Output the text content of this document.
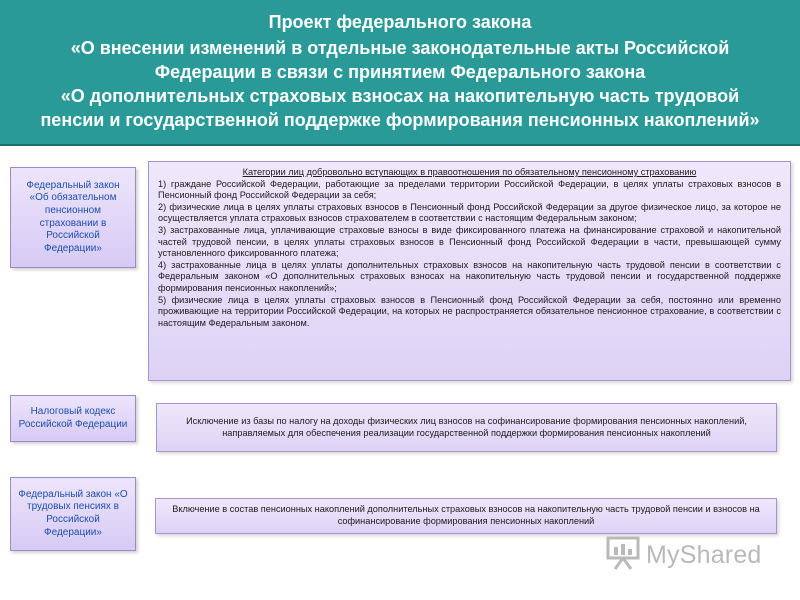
Проект федерального закона
«О внесении изменений в отдельные законодательные акты Российской
Федерации в связи с принятием Федерального закона
«О дополнительных страховых взносах на накопительную часть трудовой
пенсии и государственной поддержке формирования пенсионных накоплений»
Федеральный закон «Об обязательном пенсионном страховании в Российской Федерации»
Категории лиц добровольно вступающих в правоотношения по обязательному пенсионному страхованию
1) граждане Российской Федерации, работающие за пределами территории Российской Федерации, в целях уплаты страховых взносов в Пенсионный фонд Российской Федерации за себя;
2) физические лица в целях уплаты страховых взносов в Пенсионный фонд Российской Федерации за другое физическое лицо, за которое не осуществляется уплата страховых взносов страхователем в соответствии с настоящим Федеральным законом;
3) застрахованные лица, уплачивающие страховые взносы в виде фиксированного платежа на финансирование страховой и накопительной частей трудовой пенсии, в целях уплаты страховых взносов в Пенсионный фонд Российской Федерации в части, превышающей сумму установленного фиксированного платежа;
4) застрахованные лица в целях уплаты дополнительных страховых взносов на накопительную часть трудовой пенсии в соответствии с Федеральным законом «О дополнительных страховых взносах на накопительную часть трудовой пенсии и государственной поддержке формирования пенсионных накоплений»;
5) физические лица в целях уплаты страховых взносов в Пенсионный фонд Российской Федерации за себя, постоянно или временно проживающие на территории Российской Федерации, на которых не распространяется обязательное пенсионное страхование, в соответствии с настоящим Федеральным законом.
Налоговый кодекс Российской Федерации	Исключение из базы по налогу на доходы физических лиц взносов на софинансирование формирования пенсионных накоплений, направляемых для обеспечения реализации государственной поддержки формирования пенсионных накоплений
Федеральный закон «О трудовых пенсиях в Российской Федерации»
Включение в состав пенсионных накоплений дополнительных страховых взносов на накопительную часть трудовой пенсии и взносов на софинансирование формирования пенсионных накоплений
MyShared
